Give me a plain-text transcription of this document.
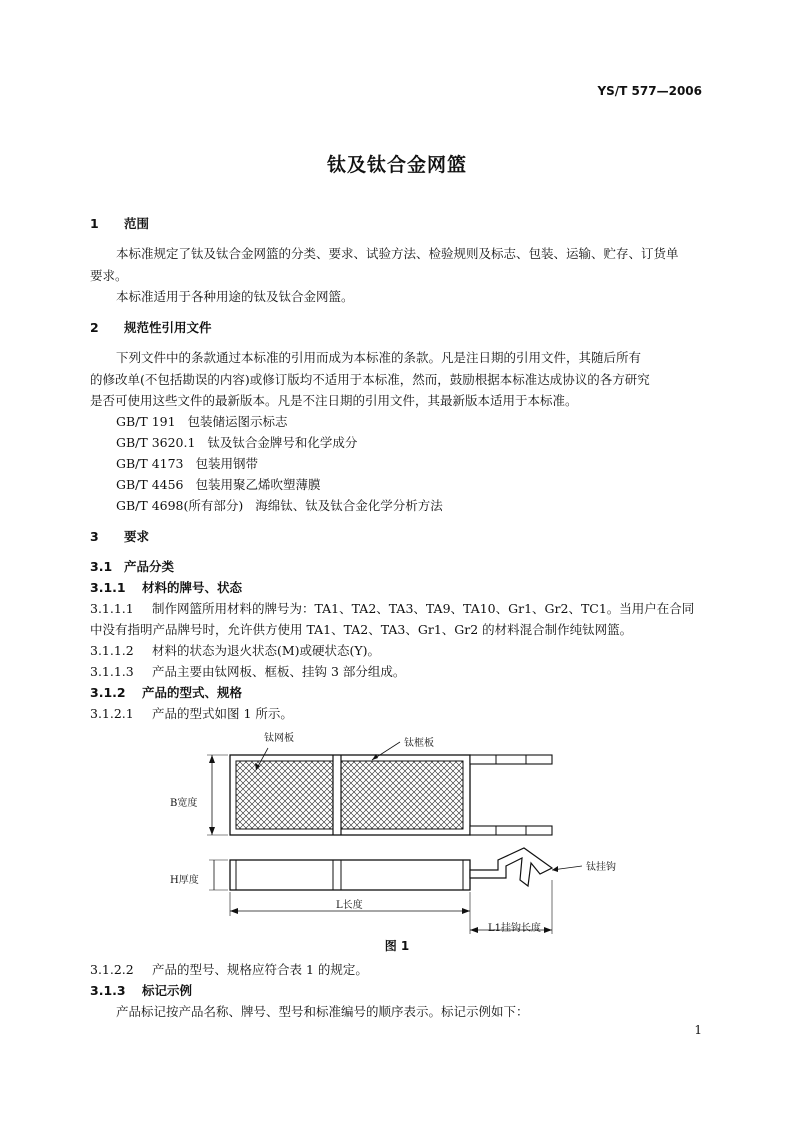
YS/T 577—2006
钛及钛合金网篮
1 范围
本标准规定了钛及钛合金网篮的分类、要求、试验方法、检验规则及标志、包装、运输、贮存、订货单
要求。
本标准适用于各种用途的钛及钛合金网篮。
2 规范性引用文件
下列文件中的条款通过本标准的引用而成为本标准的条款。凡是注日期的引用文件，其随后所有
的修改单(不包括勘误的内容)或修订版均不适用于本标准，然而，鼓励根据本标准达成协议的各方研究
是否可使用这些文件的最新版本。凡是不注日期的引用文件，其最新版本适用于本标准。
GB/T 191 包装储运图示标志
GB/T 3620.1 钛及钛合金牌号和化学成分
GB/T 4173 包装用钢带
GB/T 4456 包装用聚乙烯吹塑薄膜
GB/T 4698(所有部分) 海绵钛、钛及钛合金化学分析方法
3 要求
3.1 产品分类
3.1.1 材料的牌号、状态
3.1.1.1 制作网篮所用材料的牌号为：TA1、TA2、TA3、TA9、TA10、Gr1、Gr2、TC1。当用户在合同
中没有指明产品牌号时，允许供方使用 TA1、TA2、TA3、Gr1、Gr2 的材料混合制作纯钛网篮。
3.1.1.2 材料的状态为退火状态(M)或硬状态(Y)。
3.1.1.3 产品主要由钛网板、框板、挂钩 3 部分组成。
3.1.2 产品的型式、规格
3.1.2.1 产品的型式如图 1 所示。
钛网板	钛框板
B宽度
H厚度
钛挂钩
L长度
L1挂钩长度
图 1
3.1.2.2 产品的型号、规格应符合表 1 的规定。
3.1.3 标记示例
产品标记按产品名称、牌号、型号和标准编号的顺序表示。标记示例如下：
1
